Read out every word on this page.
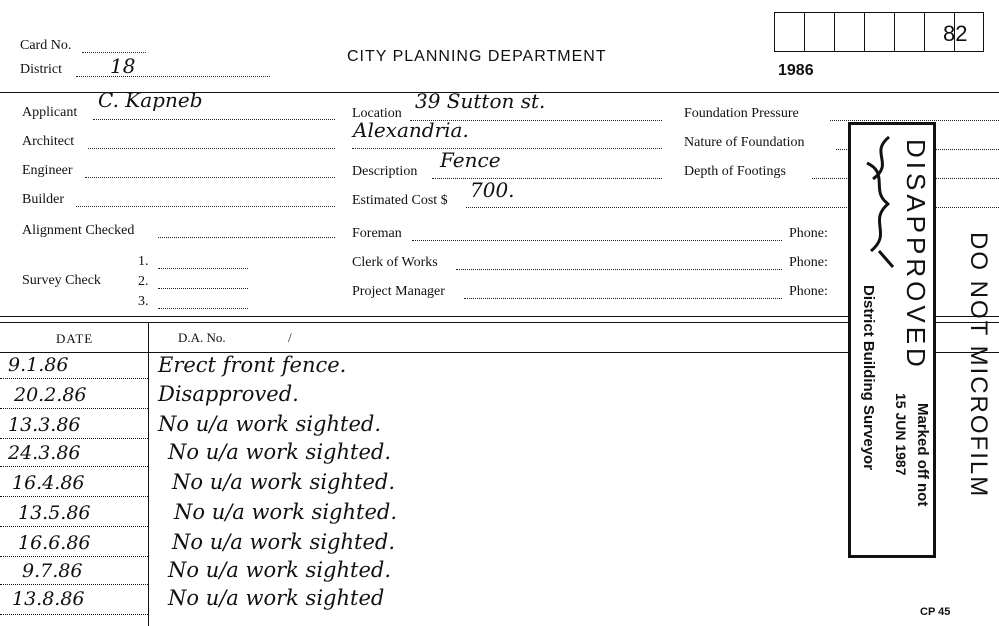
Card No.
District 18	CITY PLANNING DEPARTMENT
1986
82
Applicant
C. Kapneb
Architect
Engineer
Builder
Alignment Checked
Survey Check
1.
2.
3.
Location
39 Sutton st.
Alexandria.
Description Fence
Estimated Cost $ 700.
Foreman	Phone:
Clerk of Works	Phone:
Project Manager	Phone:
Foundation Pressure
Nature of Foundation
Depth of Footings
DATE	D.A. No.	/
9.1.86	Erect front fence.
20.2.86	Disapproved.
13.3.86	No u/a work sighted.
24.3.86	No u/a work sighted.
16.4.86	No u/a work sighted.
13.5.86	No u/a work sighted.
16.6.86	No u/a work sighted.
9.7.86	No u/a work sighted.
13.8.86	No u/a work sighted
DISAPPROVED
District Building Surveyor Marked off not
15 JUN 1987 DO NOT MICROFILM
CP 45
